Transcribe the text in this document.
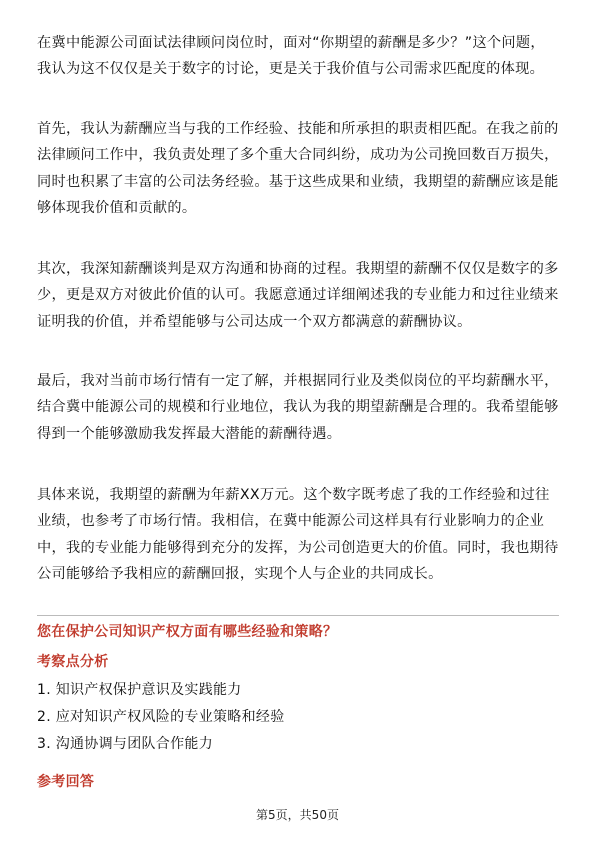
在冀中能源公司面试法律顾问岗位时，面对“你期望的薪酬是多少？”这个问题，我认为这不仅仅是关于数字的讨论，更是关于我价值与公司需求匹配度的体现。

首先，我认为薪酬应当与我的工作经验、技能和所承担的职责相匹配。在我之前的法律顾问工作中，我负责处理了多个重大合同纠纷，成功为公司挽回数百万损失，同时也积累了丰富的公司法务经验。基于这些成果和业绩，我期望的薪酬应该是能够体现我价值和贡献的。

其次，我深知薪酬谈判是双方沟通和协商的过程。我期望的薪酬不仅仅是数字的多少，更是双方对彼此价值的认可。我愿意通过详细阐述我的专业能力和过往业绩来证明我的价值，并希望能够与公司达成一个双方都满意的薪酬协议。

最后，我对当前市场行情有一定了解，并根据同行业及类似岗位的平均薪酬水平，结合冀中能源公司的规模和行业地位，我认为我的期望薪酬是合理的。我希望能够得到一个能够激励我发挥最大潜能的薪酬待遇。

具体来说，我期望的薪酬为年薪XX万元。这个数字既考虑了我的工作经验和过往业绩，也参考了市场行情。我相信，在冀中能源公司这样具有行业影响力的企业中，我的专业能力能够得到充分的发挥，为公司创造更大的价值。同时，我也期待公司能够给予我相应的薪酬回报，实现个人与企业的共同成长。

您在保护公司知识产权方面有哪些经验和策略？
考察点分析
1. 知识产权保护意识及实践能力
2. 应对知识产权风险的专业策略和经验
3. 沟通协调与团队合作能力
参考回答
第5页，共50页
